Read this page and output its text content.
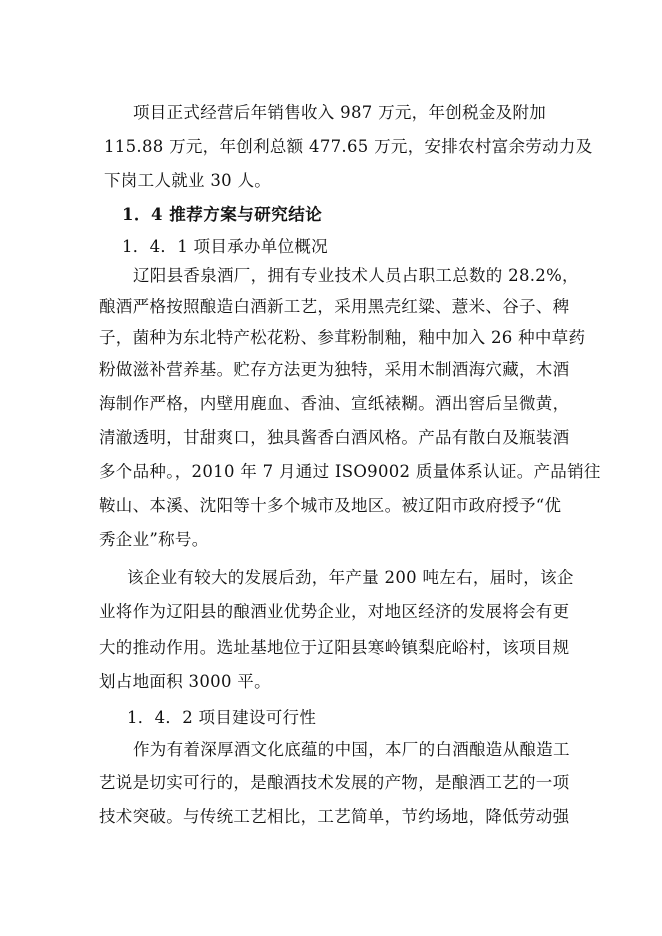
项目正式经营后年销售收入 987 万元，年创税金及附加
115.88 万元，年创利总额 477.65 万元，安排农村富余劳动力及
下岗工人就业 30 人。
1．4 推荐方案与研究结论
1．4．1 项目承办单位概况
辽阳县香泉酒厂，拥有专业技术人员占职工总数的 28.2%，
酿酒严格按照酿造白酒新工艺，采用黑壳红粱、薏米、谷子、稗
子，菌种为东北特产松花粉、参茸粉制釉，釉中加入 26 种中草药
粉做滋补营养基。贮存方法更为独特，采用木制酒海穴藏，木酒
海制作严格，内壁用鹿血、香油、宣纸裱糊。酒出窖后呈微黄，
清澈透明，甘甜爽口，独具酱香白酒风格。产品有散白及瓶装酒
多个品种。，2010 年 7 月通过 ISO9002 质量体系认证。产品销往
鞍山、本溪、沈阳等十多个城市及地区。被辽阳市政府授予“优
秀企业”称号。
该企业有较大的发展后劲，年产量 200 吨左右，届时，该企
业将作为辽阳县的酿酒业优势企业，对地区经济的发展将会有更
大的推动作用。选址基地位于辽阳县寒岭镇梨庇峪村，该项目规
划占地面积 3000 平。
1．4．2 项目建设可行性
作为有着深厚酒文化底蕴的中国，本厂的白酒酿造从酿造工
艺说是切实可行的，是酿酒技术发展的产物，是酿酒工艺的一项
技术突破。与传统工艺相比，工艺简单，节约场地，降低劳动强
